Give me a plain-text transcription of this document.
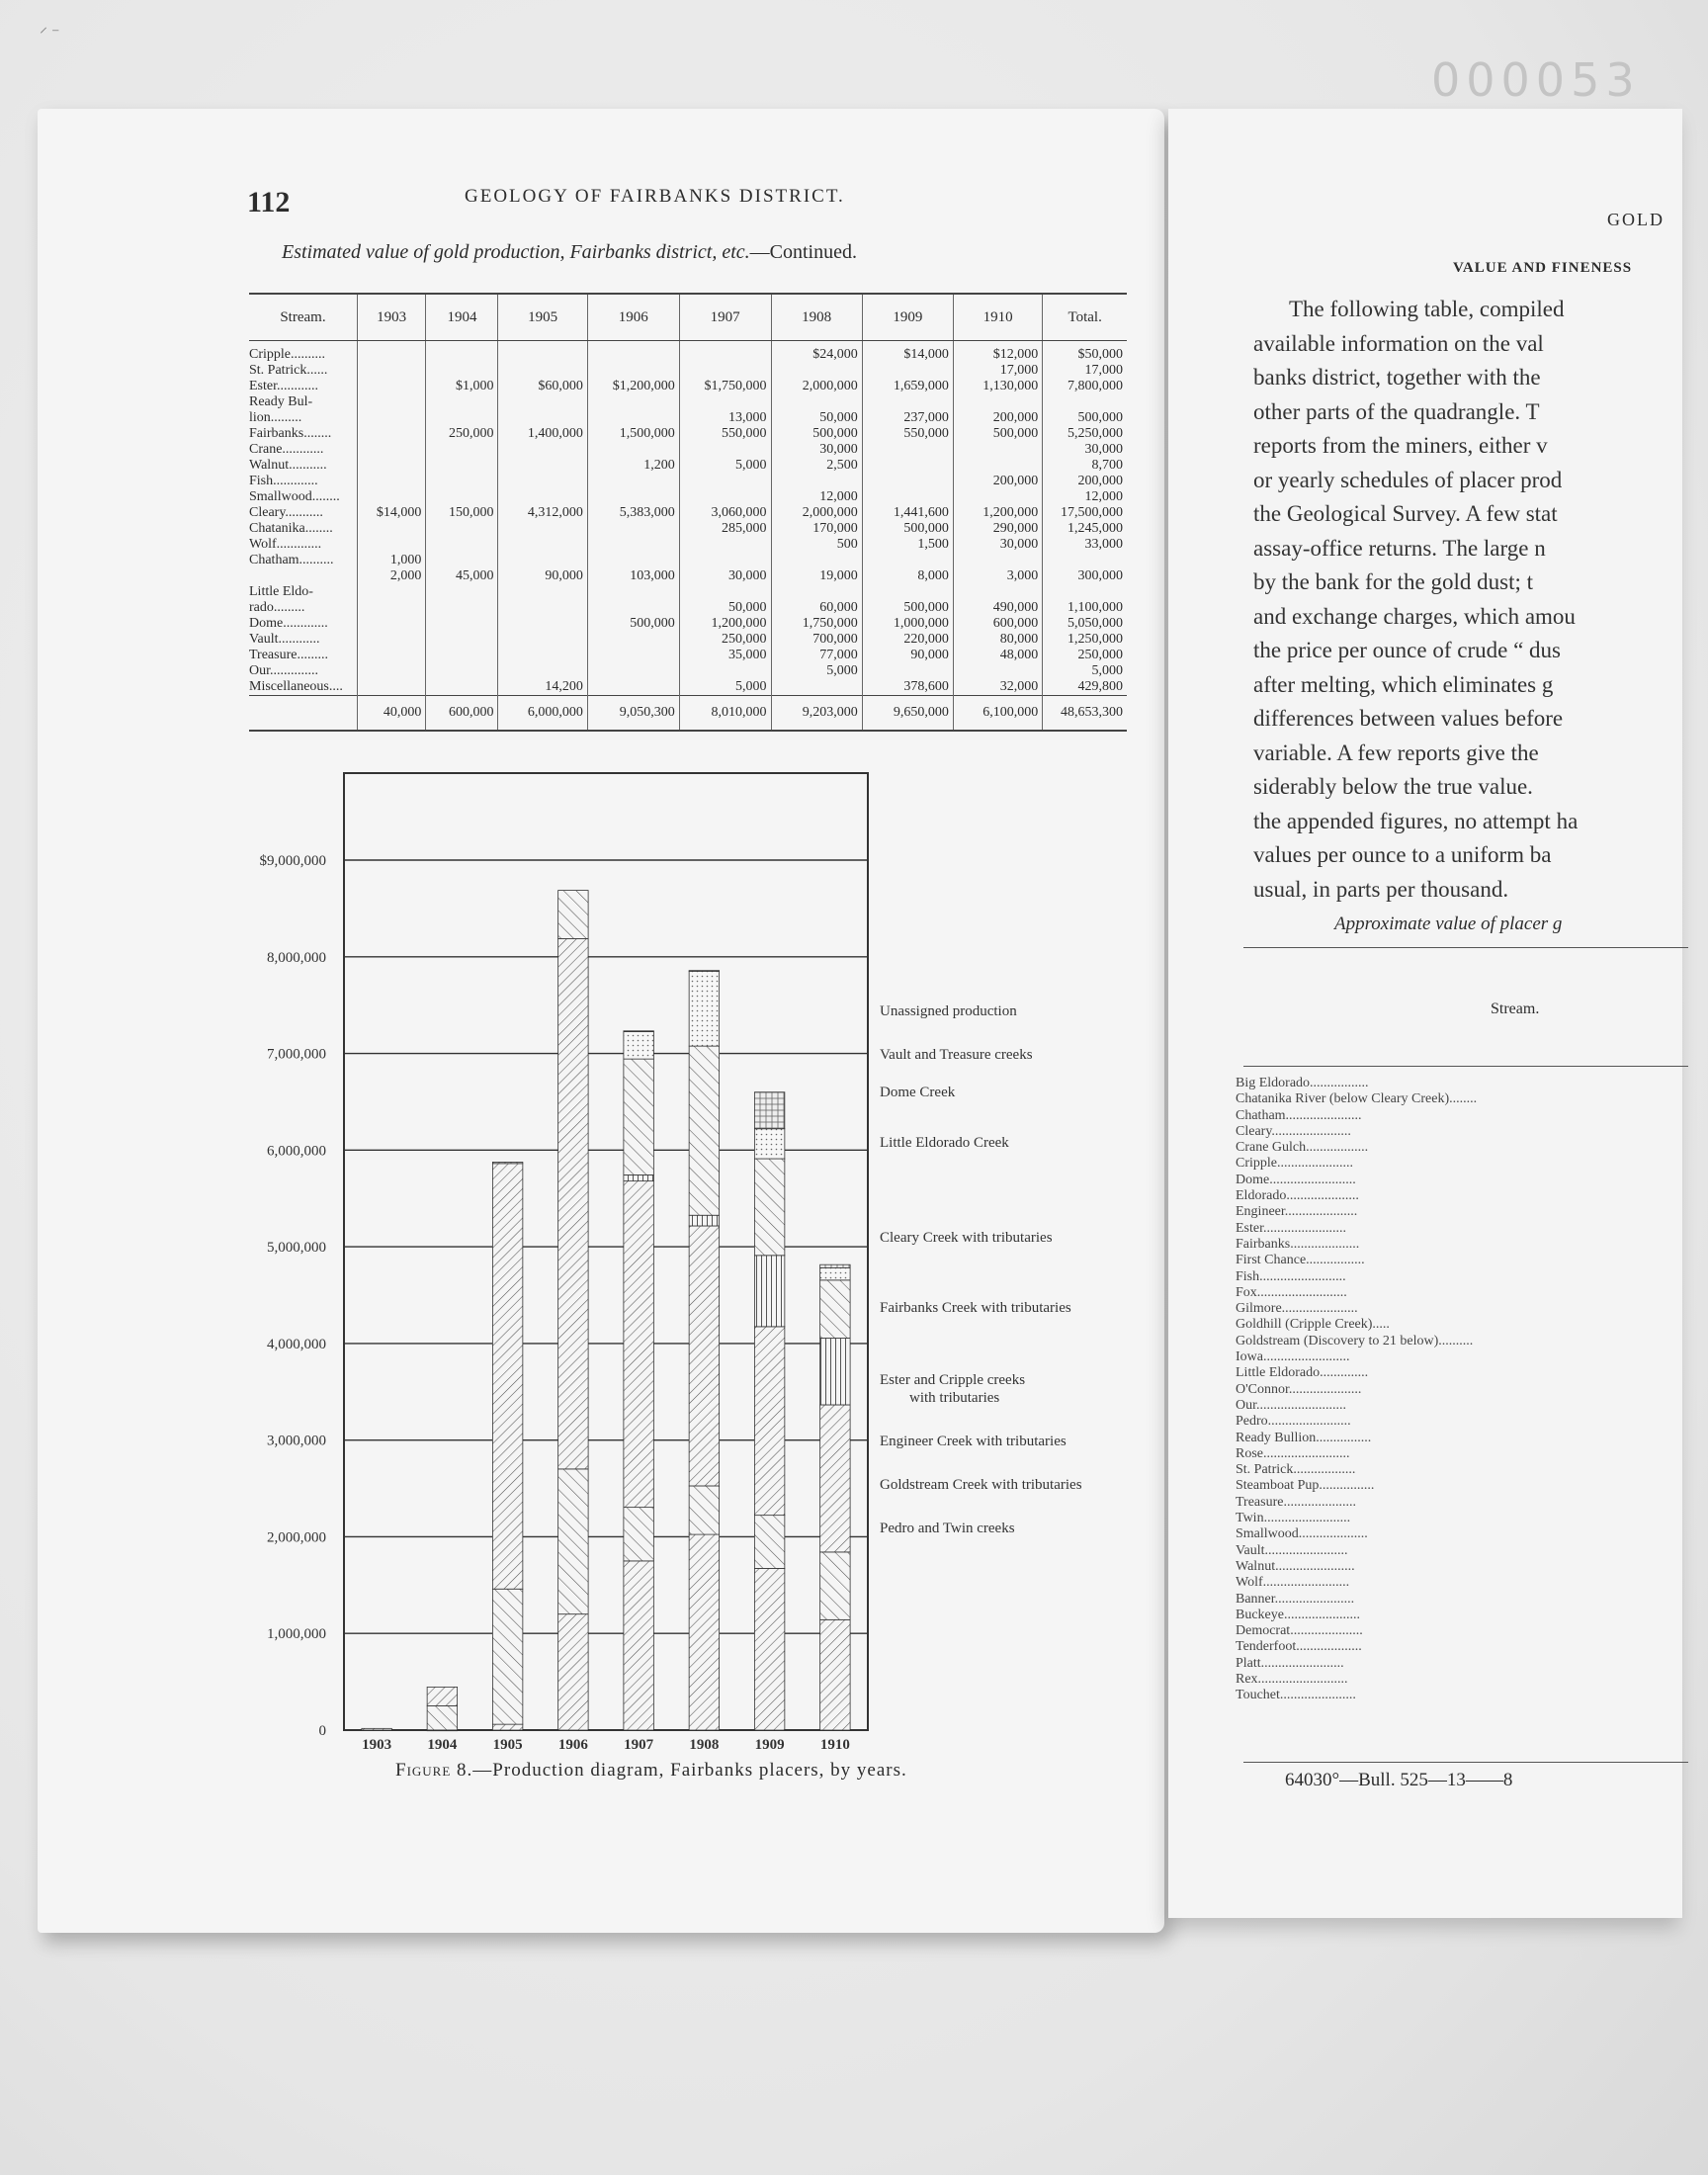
⸍ ⁻
000053
112	GEOLOGY OF FAIRBANKS DISTRICT.
Estimated value of gold production, Fairbanks district, etc.—Continued.
Stream.	1903	1904	1905	1906	1907	1908	1909	1910	Total.
Cripple..........						$24,000	$14,000	$12,000	$50,000
St. Patrick......								17,000	17,000
Ester............		$1,000	$60,000	$1,200,000	$1,750,000	2,000,000	1,659,000	1,130,000	7,800,000
Ready Bul-									
lion.........					13,000	50,000	237,000	200,000	500,000
Fairbanks........		250,000	1,400,000	1,500,000	550,000	500,000	550,000	500,000	5,250,000
Crane............						30,000			30,000
Walnut...........				1,200	5,000	2,500			8,700
Fish.............								200,000	200,000
Smallwood........						12,000			12,000
Cleary...........	$14,000	150,000	4,312,000	5,383,000	3,060,000	2,000,000	1,441,600	1,200,000	17,500,000
Chatanika........					285,000	170,000	500,000	290,000	1,245,000
Wolf.............						500	1,500	30,000	33,000
Chatham..........	1,000								
	2,000	45,000	90,000	103,000	30,000	19,000	8,000	3,000	300,000
Little Eldo-									
rado.........					50,000	60,000	500,000	490,000	1,100,000
Dome.............				500,000	1,200,000	1,750,000	1,000,000	600,000	5,050,000
Vault............					250,000	700,000	220,000	80,000	1,250,000
Treasure.........					35,000	77,000	90,000	48,000	250,000
Our..............						5,000			5,000
Miscellaneous....			14,200		5,000		378,600	32,000	429,800
	40,000	600,000	6,000,000	9,050,300	8,010,000	9,203,000	9,650,000	6,100,000	48,653,300
0
1,000,000
2,000,000
3,000,000
4,000,000
5,000,000
6,000,000
7,000,000
8,000,000
$9,000,000
1903 1904 1905 1906 1907 1908 1909 1910
Unassigned production
Vault and Treasure creeks
Dome Creek
Little Eldorado Creek
Cleary Creek with tributaries
Fairbanks Creek with tributaries
Ester and Cripple creeks with tributaries
Engineer Creek with tributaries
Goldstream Creek with tributaries
Pedro and Twin creeks
Figure 8.—Production diagram, Fairbanks placers, by years.
GOLD
VALUE AND FINENESS
The following table, compiled
available information on the val
banks district, together with the
other parts of the quadrangle. T
reports from the miners, either v
or yearly schedules of placer prod
the Geological Survey. A few stat
assay-office returns. The large n
by the bank for the gold dust; t
and exchange charges, which amou
the price per ounce of crude “ dus
after melting, which eliminates g
differences between values before
variable. A few reports give the
siderably below the true value.
the appended figures, no attempt ha
values per ounce to a uniform ba
usual, in parts per thousand.
Approximate value of placer g
Stream.
Big Eldorado.................
Chatanika River (below Cleary Creek)........
Chatham......................
Cleary.......................
Crane Gulch..................
Cripple......................
Dome.........................
Eldorado.....................
Engineer.....................
Ester........................
Fairbanks....................
First Chance.................
Fish.........................
Fox..........................
Gilmore......................
Goldhill (Cripple Creek).....
Goldstream (Discovery to 21 below)..........
Iowa.........................
Little Eldorado..............
O'Connor.....................
Our..........................
Pedro........................
Ready Bullion................
Rose.........................
St. Patrick..................
Steamboat Pup................
Treasure.....................
Twin.........................
Smallwood....................
Vault........................
Walnut.......................
Wolf.........................
Banner.......................
Buckeye......................
Democrat.....................
Tenderfoot...................
Platt........................
Rex..........................
Touchet......................
64030°—Bull. 525—13——8
